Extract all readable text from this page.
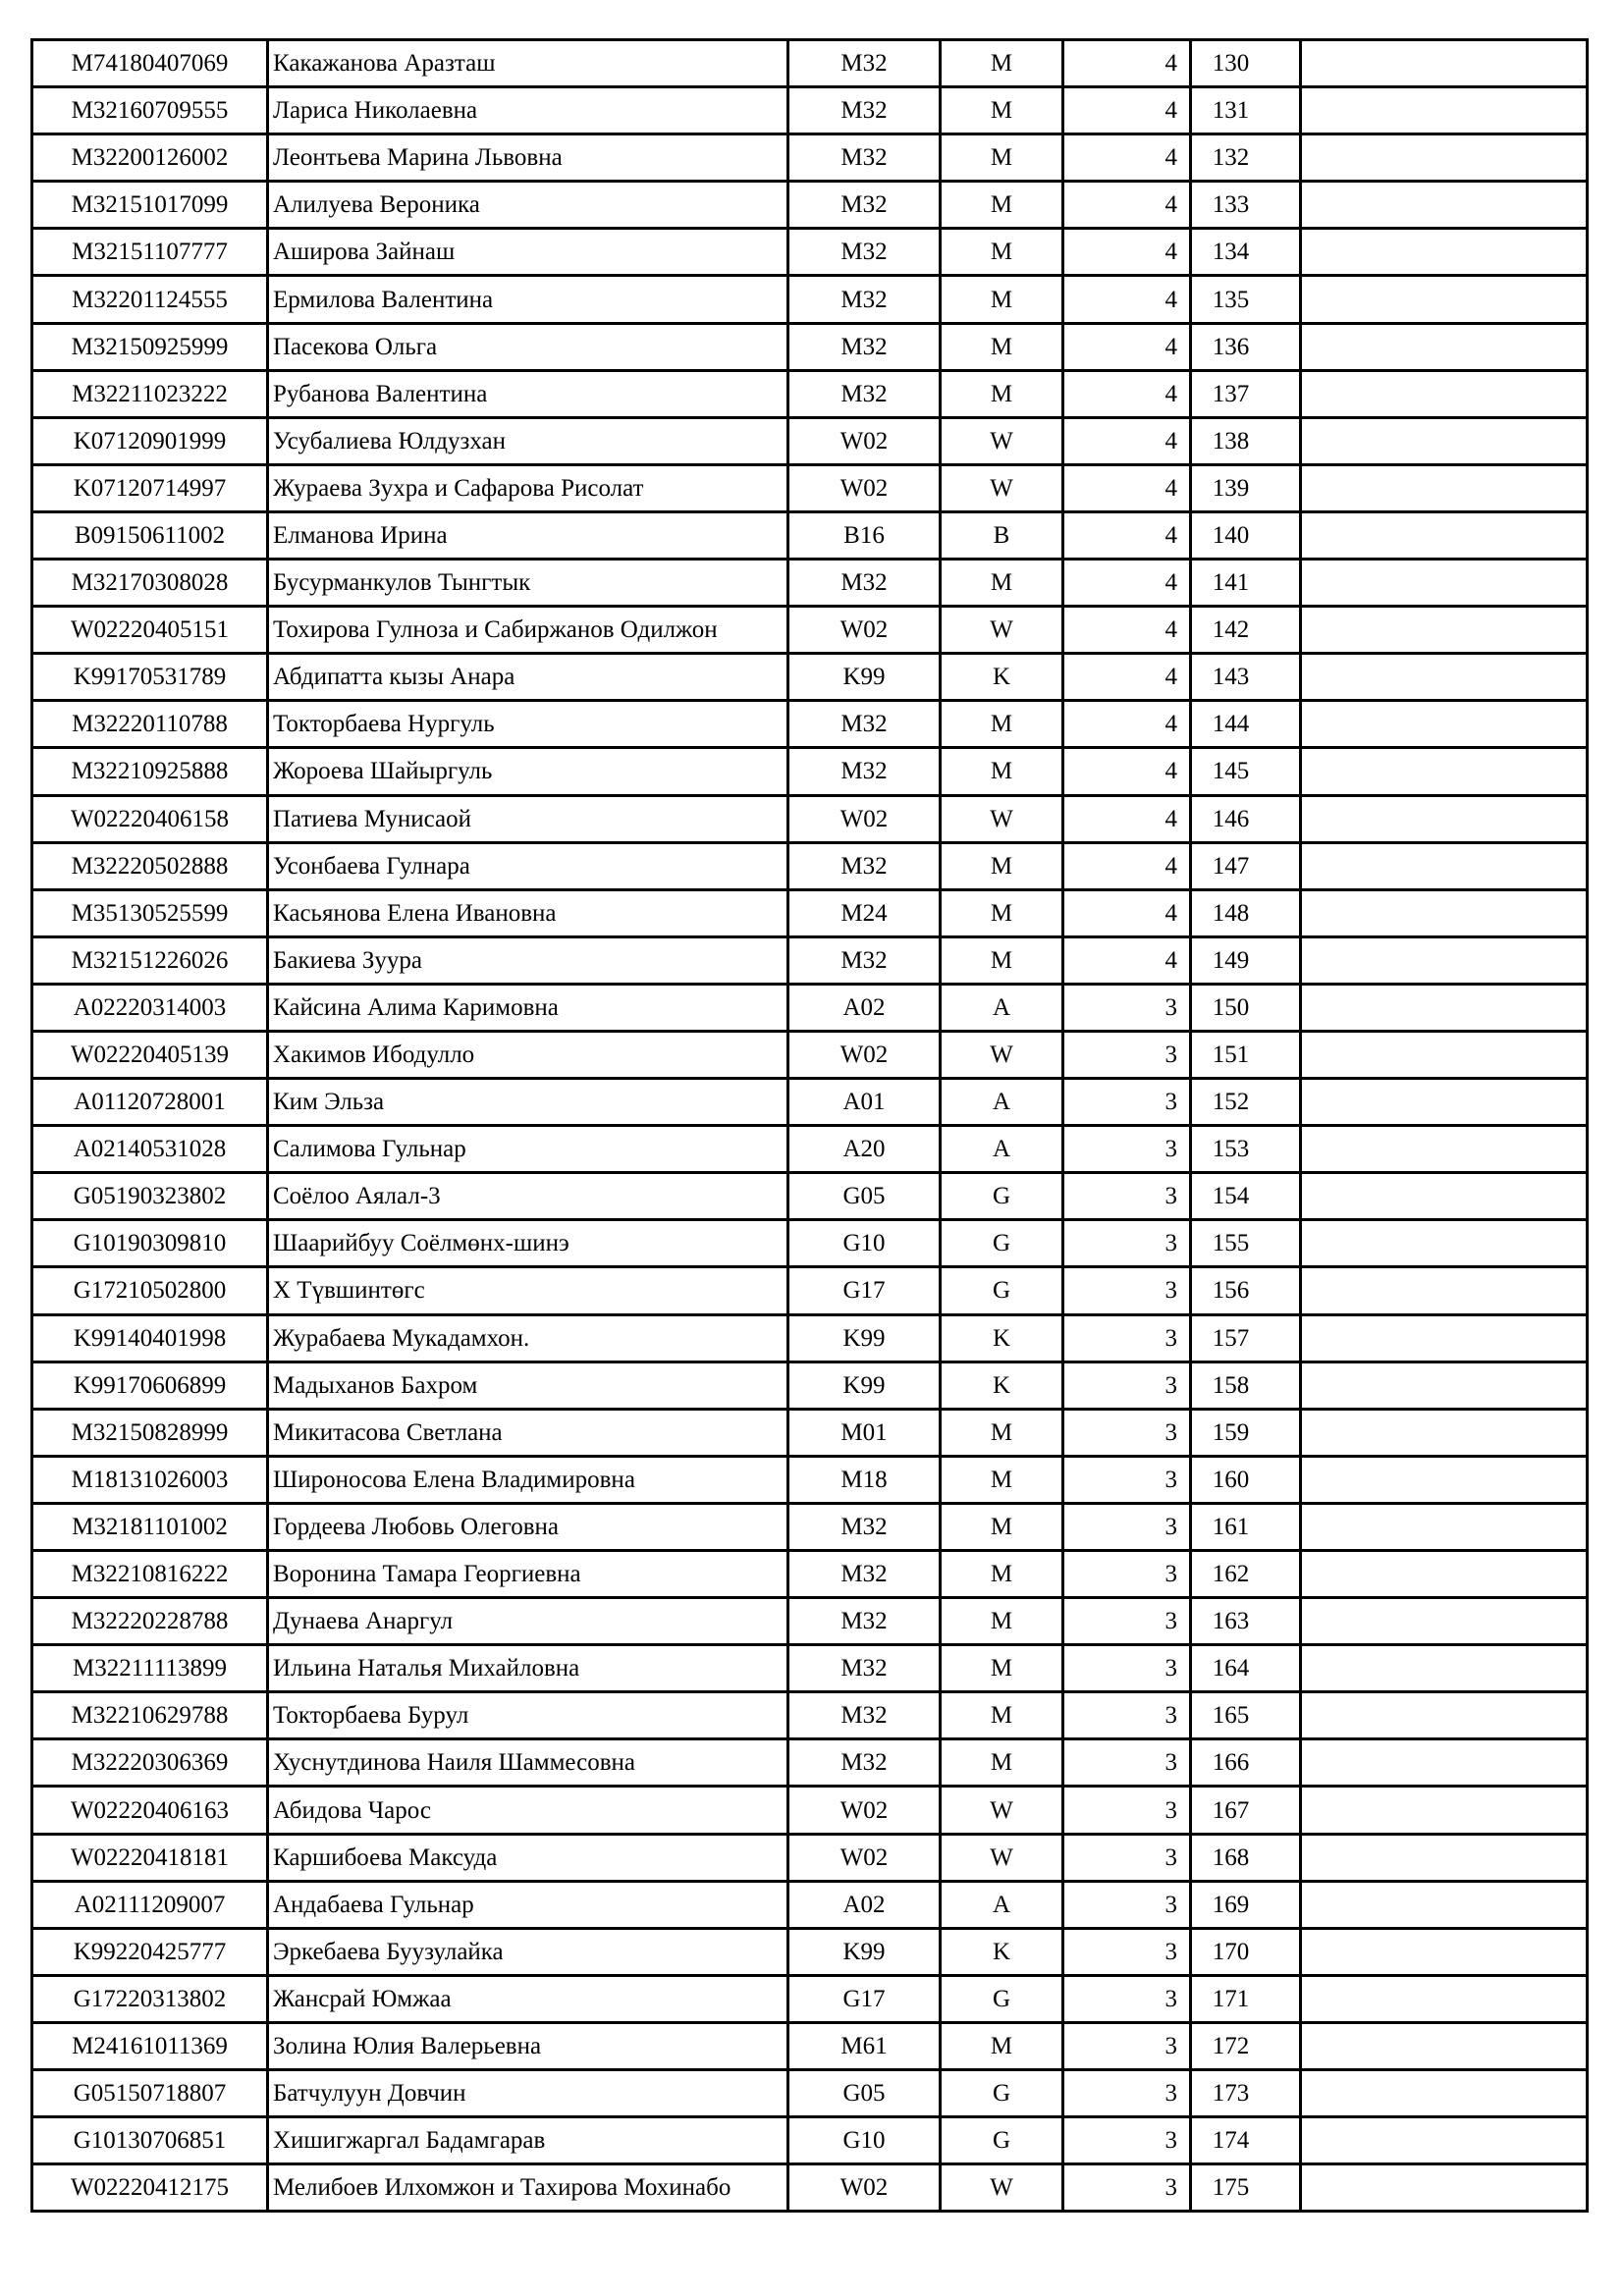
M74180407069	Какажанова Аразташ	M32	M	4	130	
M32160709555	Лариса Николаевна	M32	M	4	131	
M32200126002	Леонтьева Марина Львовна	M32	M	4	132	
M32151017099	Алилуева Вероника	M32	M	4	133	
M32151107777	Аширова Зайнаш	M32	M	4	134	
M32201124555	Ермилова Валентина	M32	M	4	135	
M32150925999	Пасекова Ольга	M32	M	4	136	
M32211023222	Рубанова Валентина	M32	M	4	137	
K07120901999	Усубалиева Юлдузхан	W02	W	4	138	
K07120714997	Жураева Зухра и Сафарова Рисолат	W02	W	4	139	
B09150611002	Елманова Ирина	B16	B	4	140	
M32170308028	Бусурманкулов Тынгтык	M32	M	4	141	
W02220405151	Тохирова Гулноза и Сабиржанов Одилжон	W02	W	4	142	
K99170531789	Абдипатта кызы Анара	K99	K	4	143	
M32220110788	Токторбаева Нургуль	M32	M	4	144	
M32210925888	Жороева Шайыргуль	M32	M	4	145	
W02220406158	Патиева Мунисаой	W02	W	4	146	
M32220502888	Усонбаева Гулнара	M32	M	4	147	
M35130525599	Касьянова Елена Ивановна	M24	M	4	148	
M32151226026	Бакиева Зуура	M32	M	4	149	
A02220314003	Кайсина Алима Каримовна	A02	A	3	150	
W02220405139	Хакимов Ибодулло	W02	W	3	151	
A01120728001	Ким Эльза	A01	A	3	152	
A02140531028	Салимова Гульнар	A20	A	3	153	
G05190323802	Соёлоо Аялал-3	G05	G	3	154	
G10190309810	Шаарийбуу Соёлмөнх-шинэ	G10	G	3	155	
G17210502800	Х Түвшинтөгс	G17	G	3	156	
K99140401998	Журабаева Мукадамхон.	K99	K	3	157	
K99170606899	Мадыханов Бахром	K99	K	3	158	
M32150828999	Микитасова Светлана	M01	M	3	159	
M18131026003	Широносова Елена Владимировна	M18	M	3	160	
M32181101002	Гордеева Любовь Олеговна	M32	M	3	161	
M32210816222	Воронина Тамара Георгиевна	M32	M	3	162	
M32220228788	Дунаева Анаргул	M32	M	3	163	
M32211113899	Ильина Наталья Михайловна	M32	M	3	164	
M32210629788	Токторбаева Бурул	M32	M	3	165	
M32220306369	Хуснутдинова Наиля Шаммесовна	M32	M	3	166	
W02220406163	Абидова Чарос	W02	W	3	167	
W02220418181	Каршибоева Максуда	W02	W	3	168	
A02111209007	Андабаева Гульнар	A02	A	3	169	
K99220425777	Эркебаева Буузулайка	K99	K	3	170	
G17220313802	Жансрай Юмжаа	G17	G	3	171	
M24161011369	Золина Юлия Валерьевна	M61	M	3	172	
G05150718807	Батчулуун Довчин	G05	G	3	173	
G10130706851	Хишигжаргал Бадамгарав	G10	G	3	174	
W02220412175	Мелибоев Илхомжон и Тахирова Мохинабо	W02	W	3	175	
